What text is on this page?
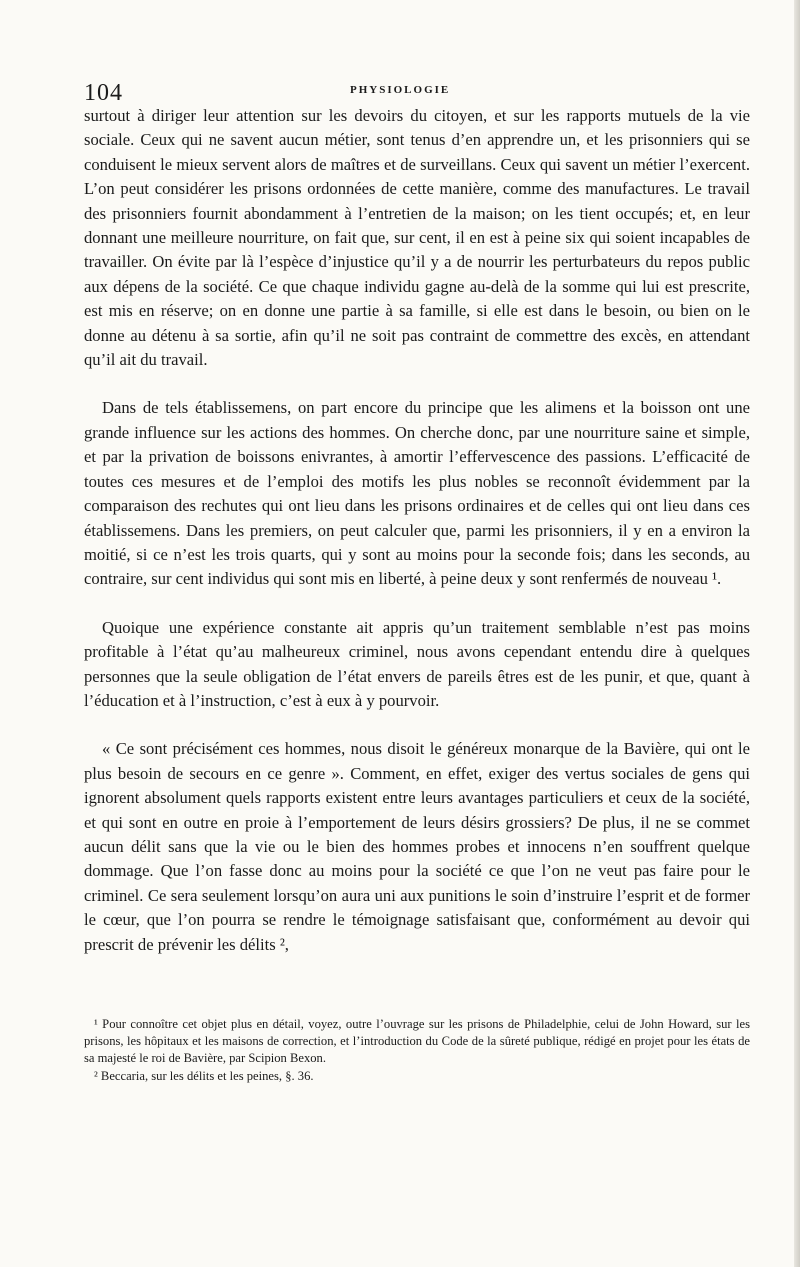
104	PHYSIOLOGIE

surtout à diriger leur attention sur les devoirs du citoyen, et sur les rapports mutuels de la vie sociale. Ceux qui ne savent aucun métier, sont tenus d’en apprendre un, et les prisonniers qui se conduisent le mieux servent alors de maîtres et de surveillans. Ceux qui savent un métier l’exercent. L’on peut considérer les prisons ordonnées de cette manière, comme des manufactures. Le travail des prisonniers fournit abondamment à l’entretien de la maison; on les tient occupés; et, en leur donnant une meilleure nourriture, on fait que, sur cent, il en est à peine six qui soient incapables de travailler. On évite par là l’espèce d’injustice qu’il y a de nourrir les perturbateurs du repos public aux dépens de la société. Ce que chaque individu gagne au-delà de la somme qui lui est prescrite, est mis en réserve; on en donne une partie à sa famille, si elle est dans le besoin, ou bien on le donne au détenu à sa sortie, afin qu’il ne soit pas contraint de commettre des excès, en attendant qu’il ait du travail.

Dans de tels établissemens, on part encore du principe que les alimens et la boisson ont une grande influence sur les actions des hommes. On cherche donc, par une nourriture saine et simple, et par la privation de boissons enivrantes, à amortir l’effervescence des passions. L’efficacité de toutes ces mesures et de l’emploi des motifs les plus nobles se reconnoît évidemment par la comparaison des rechutes qui ont lieu dans les prisons ordinaires et de celles qui ont lieu dans ces établissemens. Dans les premiers, on peut calculer que, parmi les prisonniers, il y en a environ la moitié, si ce n’est les trois quarts, qui y sont au moins pour la seconde fois; dans les seconds, au contraire, sur cent individus qui sont mis en liberté, à peine deux y sont renfermés de nouveau ¹.

Quoique une expérience constante ait appris qu’un traitement semblable n’est pas moins profitable à l’état qu’au malheureux criminel, nous avons cependant entendu dire à quelques personnes que la seule obligation de l’état envers de pareils êtres est de les punir, et que, quant à l’éducation et à l’instruction, c’est à eux à y pourvoir.

« Ce sont précisément ces hommes, nous disoit le généreux monarque de la Bavière, qui ont le plus besoin de secours en ce genre ». Comment, en effet, exiger des vertus sociales de gens qui ignorent absolument quels rapports existent entre leurs avantages particuliers et ceux de la société, et qui sont en outre en proie à l’emportement de leurs désirs grossiers? De plus, il ne se commet aucun délit sans que la vie ou le bien des hommes probes et innocens n’en souffrent quelque dommage. Que l’on fasse donc au moins pour la société ce que l’on ne veut pas faire pour le criminel. Ce sera seulement lorsqu’on aura uni aux punitions le soin d’instruire l’esprit et de former le cœur, que l’on pourra se rendre le témoignage satisfaisant que, conformément au devoir qui prescrit de prévenir les délits ²,

¹ Pour connoître cet objet plus en détail, voyez, outre l’ouvrage sur les prisons de Philadelphie, celui de John Howard, sur les prisons, les hôpitaux et les maisons de correction, et l’introduction du Code de la sûreté publique, rédigé en projet pour les états de sa majesté le roi de Bavière, par Scipion Bexon.

² Beccaria, sur les délits et les peines, §. 36.
